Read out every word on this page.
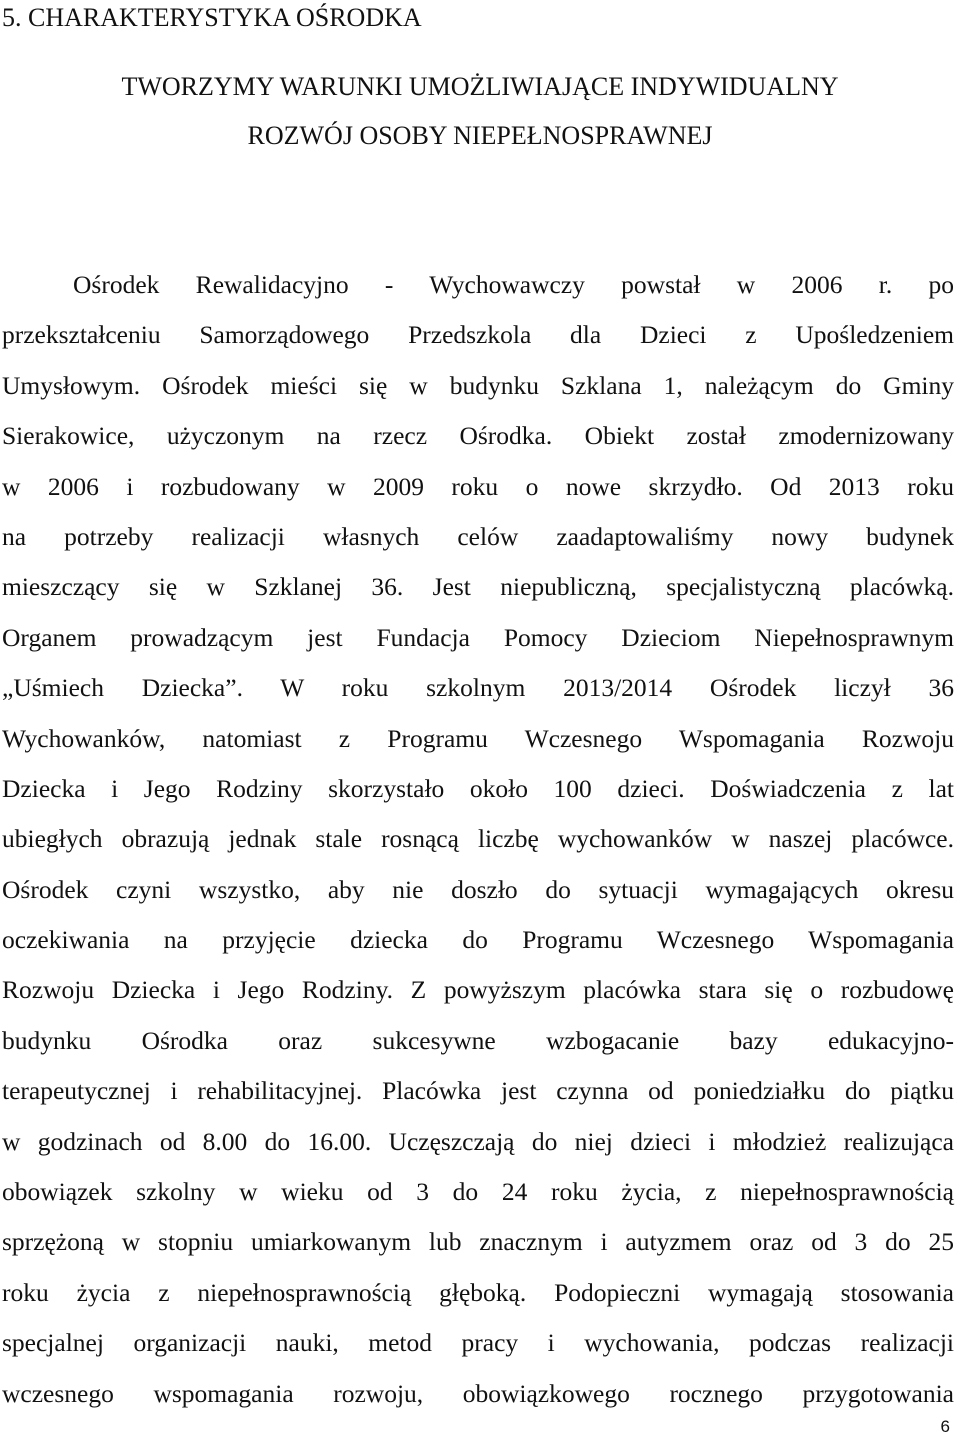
5. CHARAKTERYSTYKA OŚRODKA
TWORZYMY WARUNKI UMOŻLIWIAJĄCE INDYWIDUALNY
ROZWÓJ OSOBY NIEPEŁNOSPRAWNEJ
Ośrodek Rewalidacyjno - Wychowawczy powstał w 2006 r. po
przekształceniu Samorządowego Przedszkola dla Dzieci z Upośledzeniem
Umysłowym. Ośrodek mieści się w budynku Szklana 1, należącym do Gminy
Sierakowice, użyczonym na rzecz Ośrodka. Obiekt został zmodernizowany
w 2006 i rozbudowany w 2009 roku o nowe skrzydło. Od 2013 roku
na potrzeby realizacji własnych celów zaadaptowaliśmy nowy budynek
mieszczący się w Szklanej 36. Jest niepubliczną, specjalistyczną placówką.
Organem prowadzącym jest Fundacja Pomocy Dzieciom Niepełnosprawnym
„Uśmiech Dziecka”. W roku szkolnym 2013/2014 Ośrodek liczył 36
Wychowanków, natomiast z Programu Wczesnego Wspomagania Rozwoju
Dziecka i Jego Rodziny skorzystało około 100 dzieci. Doświadczenia z lat
ubiegłych obrazują jednak stale rosnącą liczbę wychowanków w naszej placówce.
Ośrodek czyni wszystko, aby nie doszło do sytuacji wymagających okresu
oczekiwania na przyjęcie dziecka do Programu Wczesnego Wspomagania
Rozwoju Dziecka i Jego Rodziny. Z powyższym placówka stara się o rozbudowę
budynku Ośrodka oraz sukcesywne wzbogacanie bazy edukacyjno-
terapeutycznej i rehabilitacyjnej. Placówka jest czynna od poniedziałku do piątku
w godzinach od 8.00 do 16.00. Uczęszczają do niej dzieci i młodzież realizująca
obowiązek szkolny w wieku od 3 do 24 roku życia, z niepełnosprawnością
sprzężoną w stopniu umiarkowanym lub znacznym i autyzmem oraz od 3 do 25
roku życia z niepełnosprawnością głęboką. Podopieczni wymagają stosowania
specjalnej organizacji nauki, metod pracy i wychowania, podczas realizacji
wczesnego wspomagania rozwoju, obowiązkowego rocznego przygotowania
6
